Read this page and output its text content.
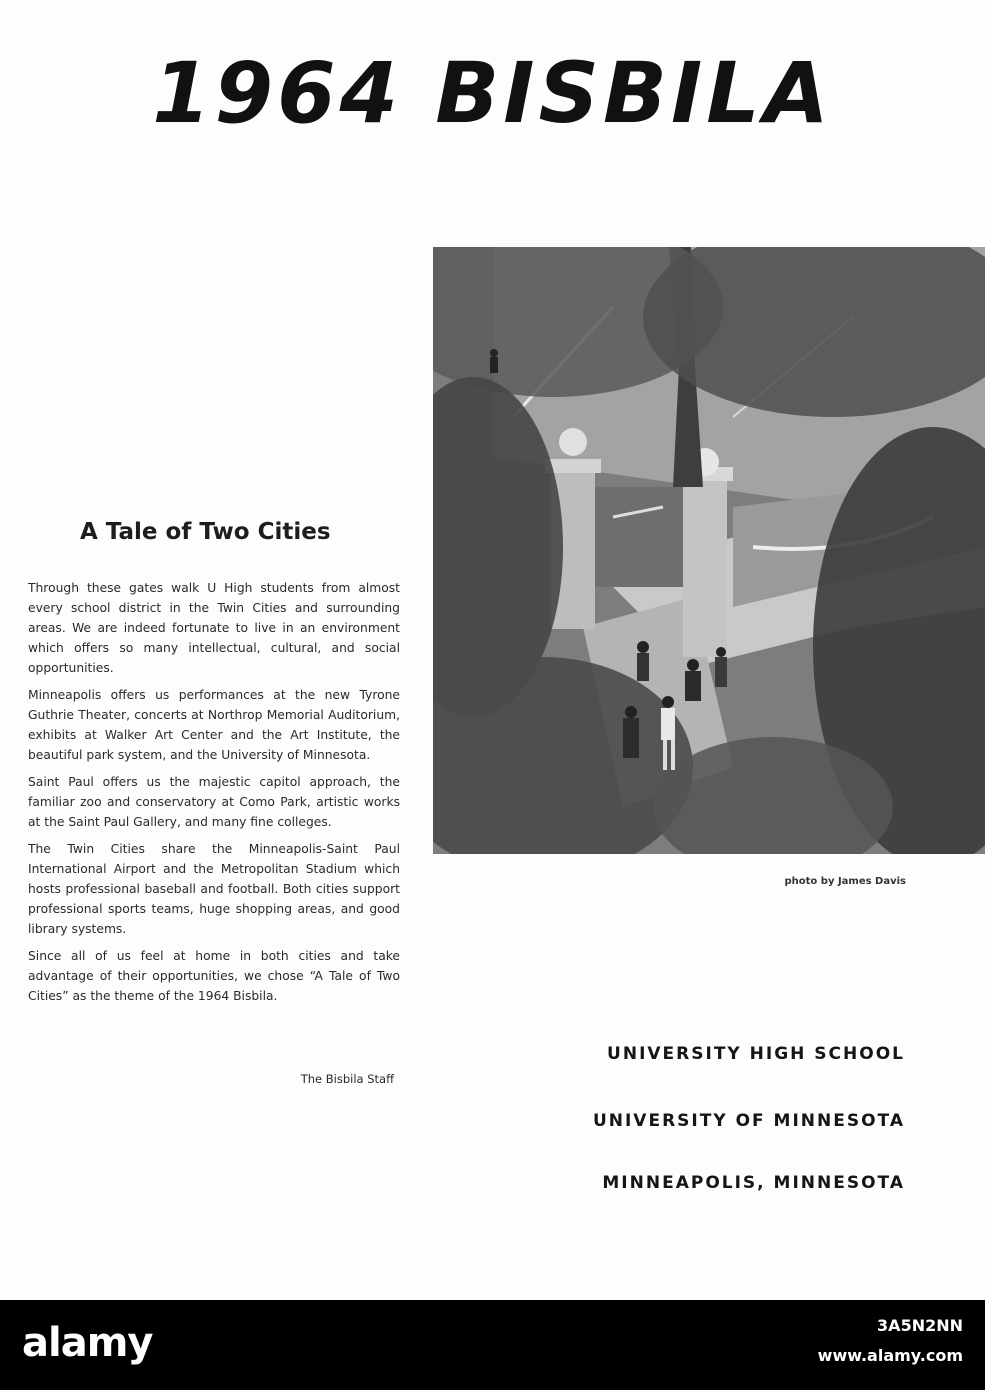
1964 BISBILA
A Tale of Two Cities

Through these gates walk U High students from almost every school district in the Twin Cities and surrounding areas. We are indeed fortunate to live in an environment which offers so many intellectual, cultural, and social opportunities.

Minneapolis offers us performances at the new Tyrone Guthrie Theater, concerts at Northrop Memorial Auditorium, exhibits at Walker Art Center and the Art Institute, the beautiful park system, and the University of Minnesota.

Saint Paul offers us the majestic capitol approach, the familiar zoo and conservatory at Como Park, artistic works at the Saint Paul Gallery, and many fine colleges.

The Twin Cities share the Minneapolis-Saint Paul International Airport and the Metropolitan Stadium which hosts professional baseball and football. Both cities support professional sports teams, huge shopping areas, and good library systems.

Since all of us feel at home in both cities and take advantage of their opportunities, we chose “A Tale of Two Cities” as the theme of the 1964 Bisbila.

The Bisbila Staff
photo by James Davis
UNIVERSITY HIGH SCHOOL
UNIVERSITY OF MINNESOTA
MINNEAPOLIS, MINNESOTA
alamy	3A5N2NN
www.alamy.com
